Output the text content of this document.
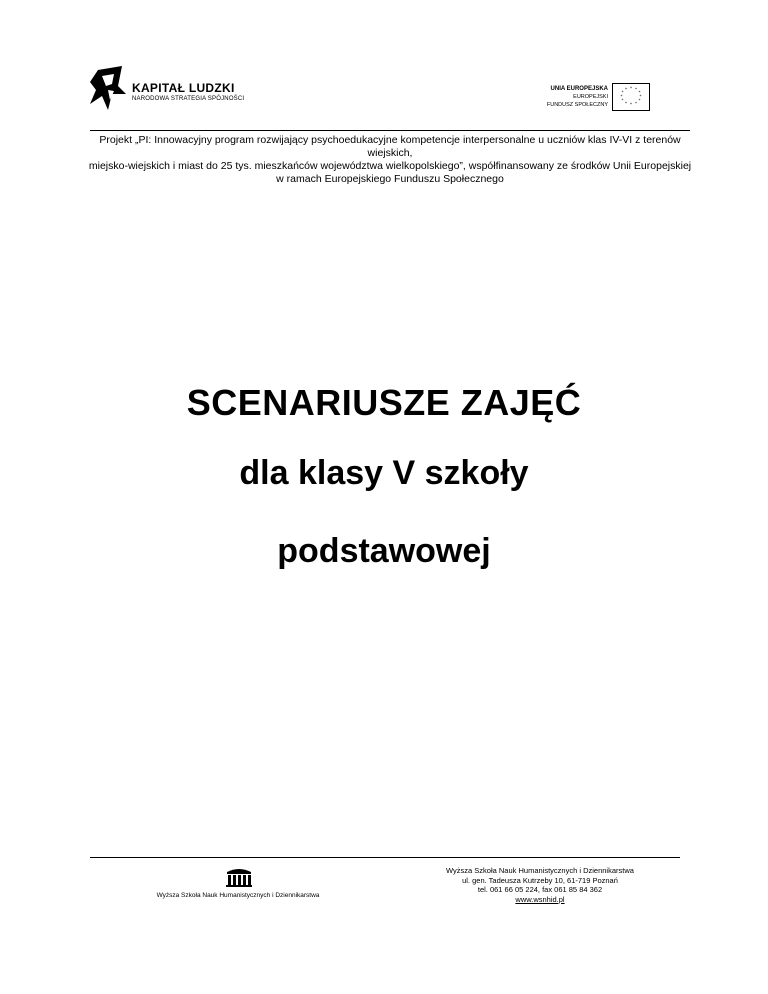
KAPITAŁ LUDZKI
NARODOWA STRATEGIA SPÓJNOŚCI
UNIA EUROPEJSKA
EUROPEJSKI
FUNDUSZ SPOŁECZNY
* *
*
*
*
*
*
*
*
*
*
*
Projekt „PI: Innowacyjny program rozwijający psychoedukacyjne kompetencje interpersonalne u uczniów klas IV-VI z terenów wiejskich,
miejsko-wiejskich i miast do 25 tys. mieszkańców województwa wielkopolskiego”, współfinansowany ze środków Unii Europejskiej
w ramach Europejskiego Funduszu Społecznego
SCENARIUSZE ZAJĘĆ
dla klasy V szkoły
podstawowej
Wyższa Szkoła Nauk Humanistycznych i Dziennikarstwa
Wyższa Szkoła Nauk Humanistycznych i Dziennikarstwa
ul. gen. Tadeusza Kutrzeby 10, 61-719 Poznań
tel. 061 66 05 224, fax 061 85 84 362
www.wsnhid.pl
